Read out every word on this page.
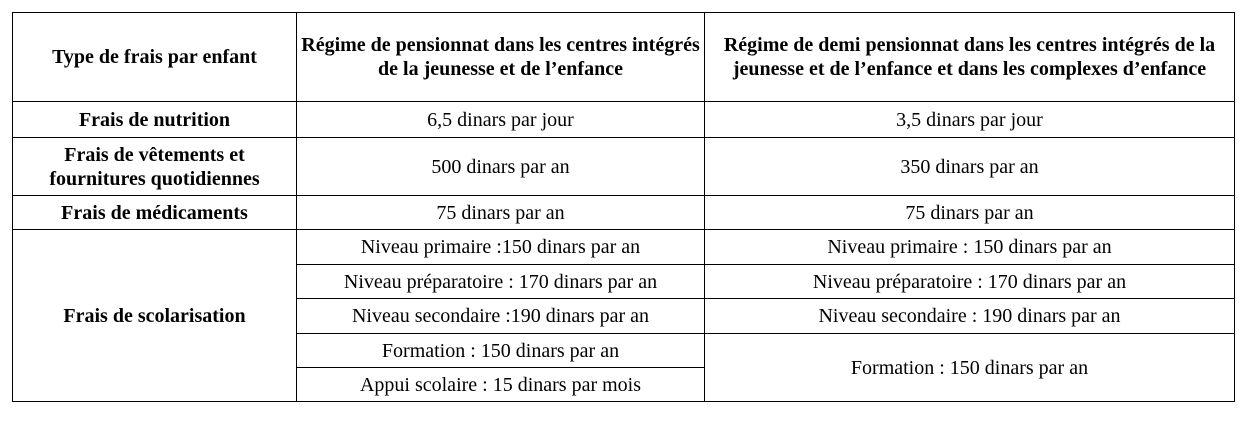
Type de frais par enfant	Régime de pensionnat dans les centres intégrés de la jeunesse et de l’enfance	Régime de demi pensionnat dans les centres intégrés de la jeunesse et de l’enfance et dans les complexes d’enfance
Frais de nutrition	6,5 dinars par jour	3,5 dinars par jour
Frais de vêtements et fournitures quotidiennes	500 dinars par an	350 dinars par an
Frais de médicaments	75 dinars par an	75 dinars par an
Frais de scolarisation	Niveau primaire :150 dinars par an	Niveau primaire : 150 dinars par an
	Niveau préparatoire : 170 dinars par an	Niveau préparatoire : 170 dinars par an
	Niveau secondaire :190 dinars par an	Niveau secondaire : 190 dinars par an
	Formation : 150 dinars par an	Formation : 150 dinars par an
	Appui scolaire : 15 dinars par mois	
